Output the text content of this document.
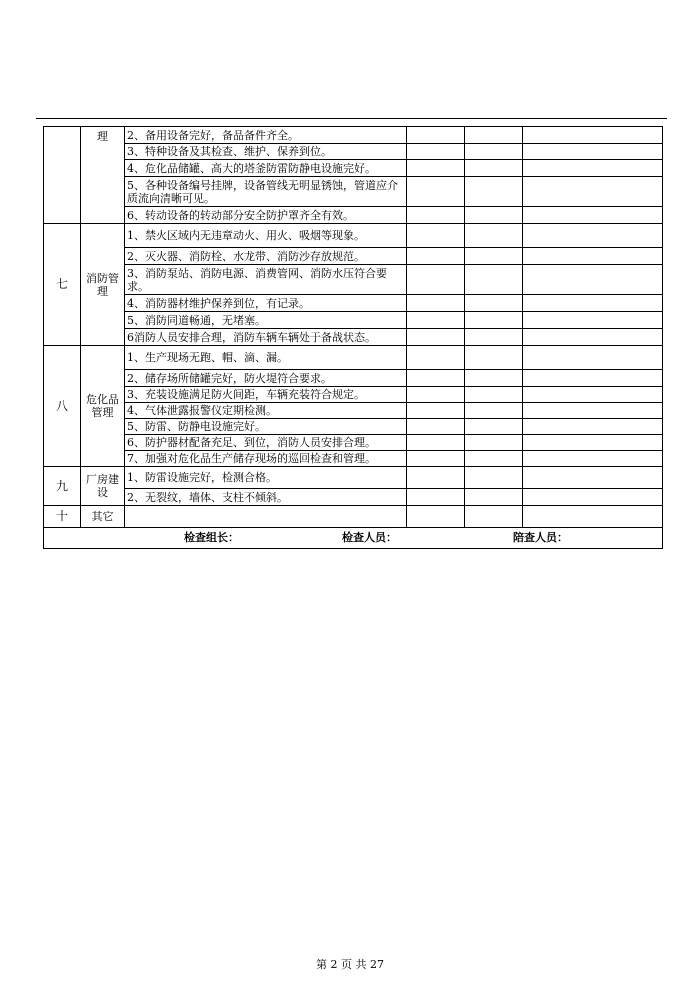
	理	2、备用设备完好，备品备件齐全。			
		3、特种设备及其检查、维护、保养到位。			
		4、危化品储罐、高大的塔釜防雷防静电设施完好。			
		5、各种设备编号挂牌，设备管线无明显锈蚀，管道应介质流向清晰可见。			
		6、转动设备的转动部分安全防护罩齐全有效。			
七	消防管理	1、禁火区域内无违章动火、用火、吸烟等现象。			
		2、灭火器、消防栓、水龙带、消防沙存放规范。			
		3、消防泵站、消防电源、消费管网、消防水压符合要求。			
		4、消防器材维护保养到位，有记录。			
		5、消防同道畅通，无堵塞。			
		6消防人员安排合理，消防车辆车辆处于备战状态。			
八	危化品管理	1、生产现场无跑、帽、滴、漏。			
		2、储存场所储罐完好，防火堤符合要求。			
		3、充装设施满足防火间距，车辆充装符合规定。			
		4、气体泄露报警仪定期检测。			
		5、防雷、防静电设施完好。			
		6、防护器材配备充足、到位，消防人员安排合理。			
		7、加强对危化品生产储存现场的巡回检查和管理。			
九	厂房建设	1、防雷设施完好，检测合格。			
		2、无裂纹，墙体、支柱不倾斜。			
十	其它				

检查组长： 检查人员： 陪查人员：					
第 2 页 共 27
